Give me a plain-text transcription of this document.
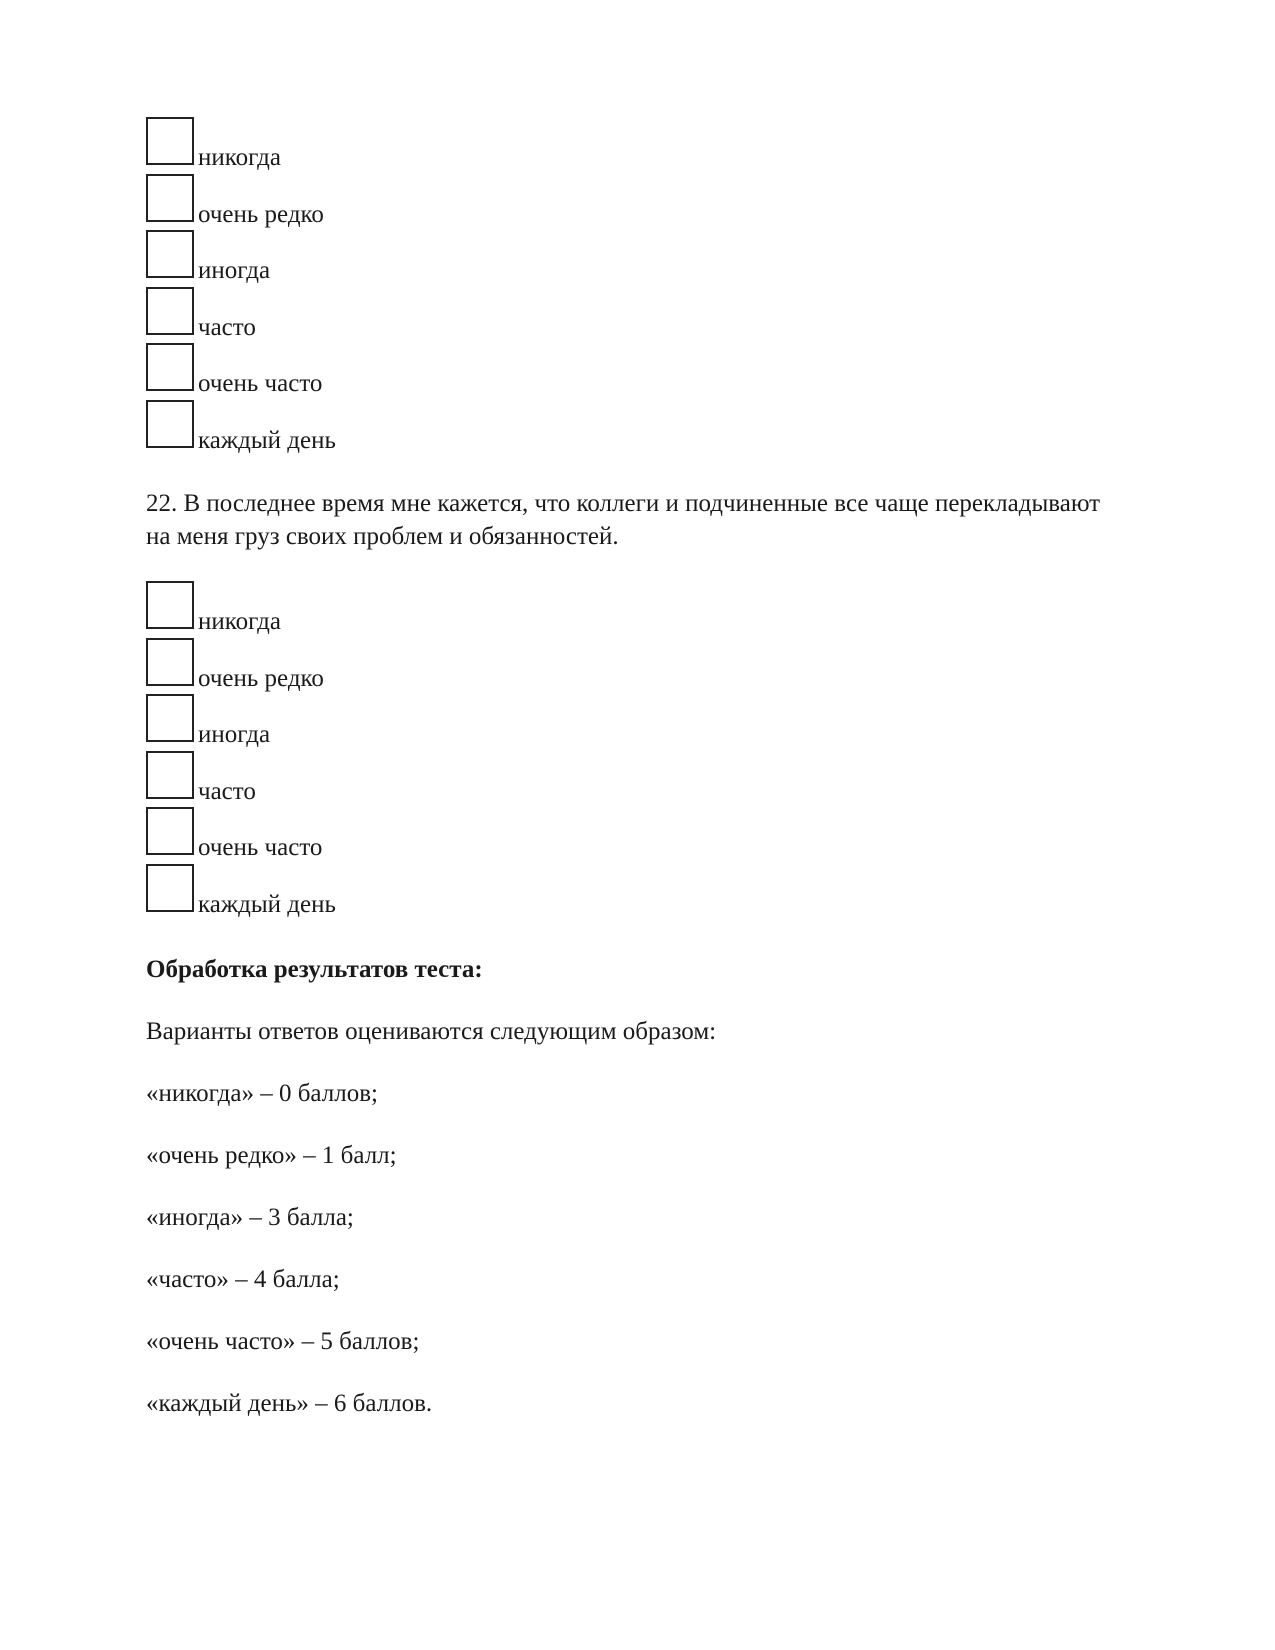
никогда
очень редко
иногда
часто
очень часто
каждый день
22. В последнее время мне кажется, что коллеги и подчиненные все чаще перекладывают на меня груз своих проблем и обязанностей.
никогда
очень редко
иногда
часто
очень часто
каждый день
Обработка результатов теста:
Варианты ответов оцениваются следующим образом:
«никогда» – 0 баллов;
«очень редко» – 1 балл;
«иногда» – 3 балла;
«часто» – 4 балла;
«очень часто» – 5 баллов;
«каждый день» – 6 баллов.
